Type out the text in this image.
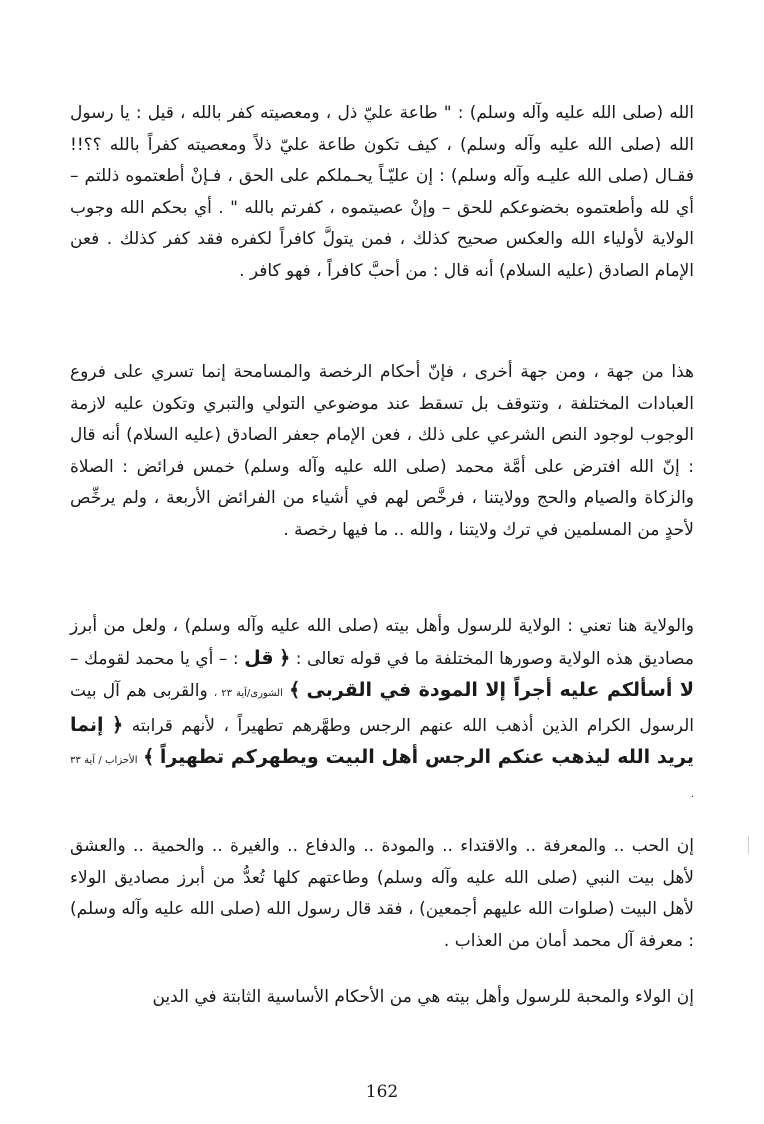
الله (صلى الله عليه وآله وسلم) : " طاعة عليّ ذل ، ومعصيته كفر بالله ، قيل : يا رسول الله (صلى الله عليه وآله وسلم) ، كيف تكون طاعة عليّ ذلاً ومعصيته كفراً بالله ؟؟!! فقـال (صلى الله عليـه وآله وسلم) : إن عليّـاً يحـملكم على الحق ، فـإنْ أطعتموه ذللتم – أي لله وأطعتموه بخضوعكم للحق – وإنْ عصيتموه ، كفرتم بالله " . أي بحكم الله وجوب الولاية لأولياء الله والعكس صحيح كذلك ، فمن يتولَّ كافراً لكفره فقد كفر كذلك . فعن الإمام الصادق (عليه السلام) أنه قال : من أحبَّ كافراً ، فهو كافر .

هذا من جهة ، ومن جهة أخرى ، فإنّ أحكام الرخصة والمسامحة إنما تسري على فروع العبادات المختلفة ، وتتوقف بل تسقط عند موضوعي التولي والتبري وتكون عليه لازمة الوجوب لوجود النص الشرعي على ذلك ، فعن الإمام جعفر الصادق (عليه السلام) أنه قال : إنّ الله افترض على أمَّة محمد (صلى الله عليه وآله وسلم) خمس فرائض : الصلاة والزكاة والصيام والحج وولايتنا ، فرخَّص لهم في أشياء من الفرائض الأربعة ، ولم يرخِّص لأحدٍ من المسلمين في ترك ولايتنا ، والله .. ما فيها رخصة .

والولاية هنا تعني : الولاية للرسول وأهل بيته (صلى الله عليه وآله وسلم) ، ولعل من أبرز مصاديق هذه الولاية وصورها المختلفة ما في قوله تعالى : ﴿ قل : – أي يا محمد لقومك – لا أسألكم عليه أجراً إلا المودة في القربى ﴾ الشورى/آية ٢٣ ، والقربى هم آل بيت الرسول الكرام الذين أذهب الله عنهم الرجس وطهَّرهم تطهيراً ، لأنهم قرابته ﴿ إنما يريد الله ليذهب عنكم الرجس أهل البيت ويطهركم تطهيراً ﴾ الأحزاب / آية ٣٣ .

إن الحب .. والمعرفة .. والاقتداء .. والمودة .. والدفاع .. والغيرة .. والحمية .. والعشق لأهل بيت النبي (صلى الله عليه وآله وسلم) وطاعتهم كلها تُعدُّ من أبرز مصاديق الولاء لأهل البيت (صلوات الله عليهم أجمعين) ، فقد قال رسول الله (صلى الله عليه وآله وسلم) : معرفة آل محمد أمان من العذاب .

إن الولاء والمحبة للرسول وأهل بيته هي من الأحكام الأساسية الثابتة في الدين

162
